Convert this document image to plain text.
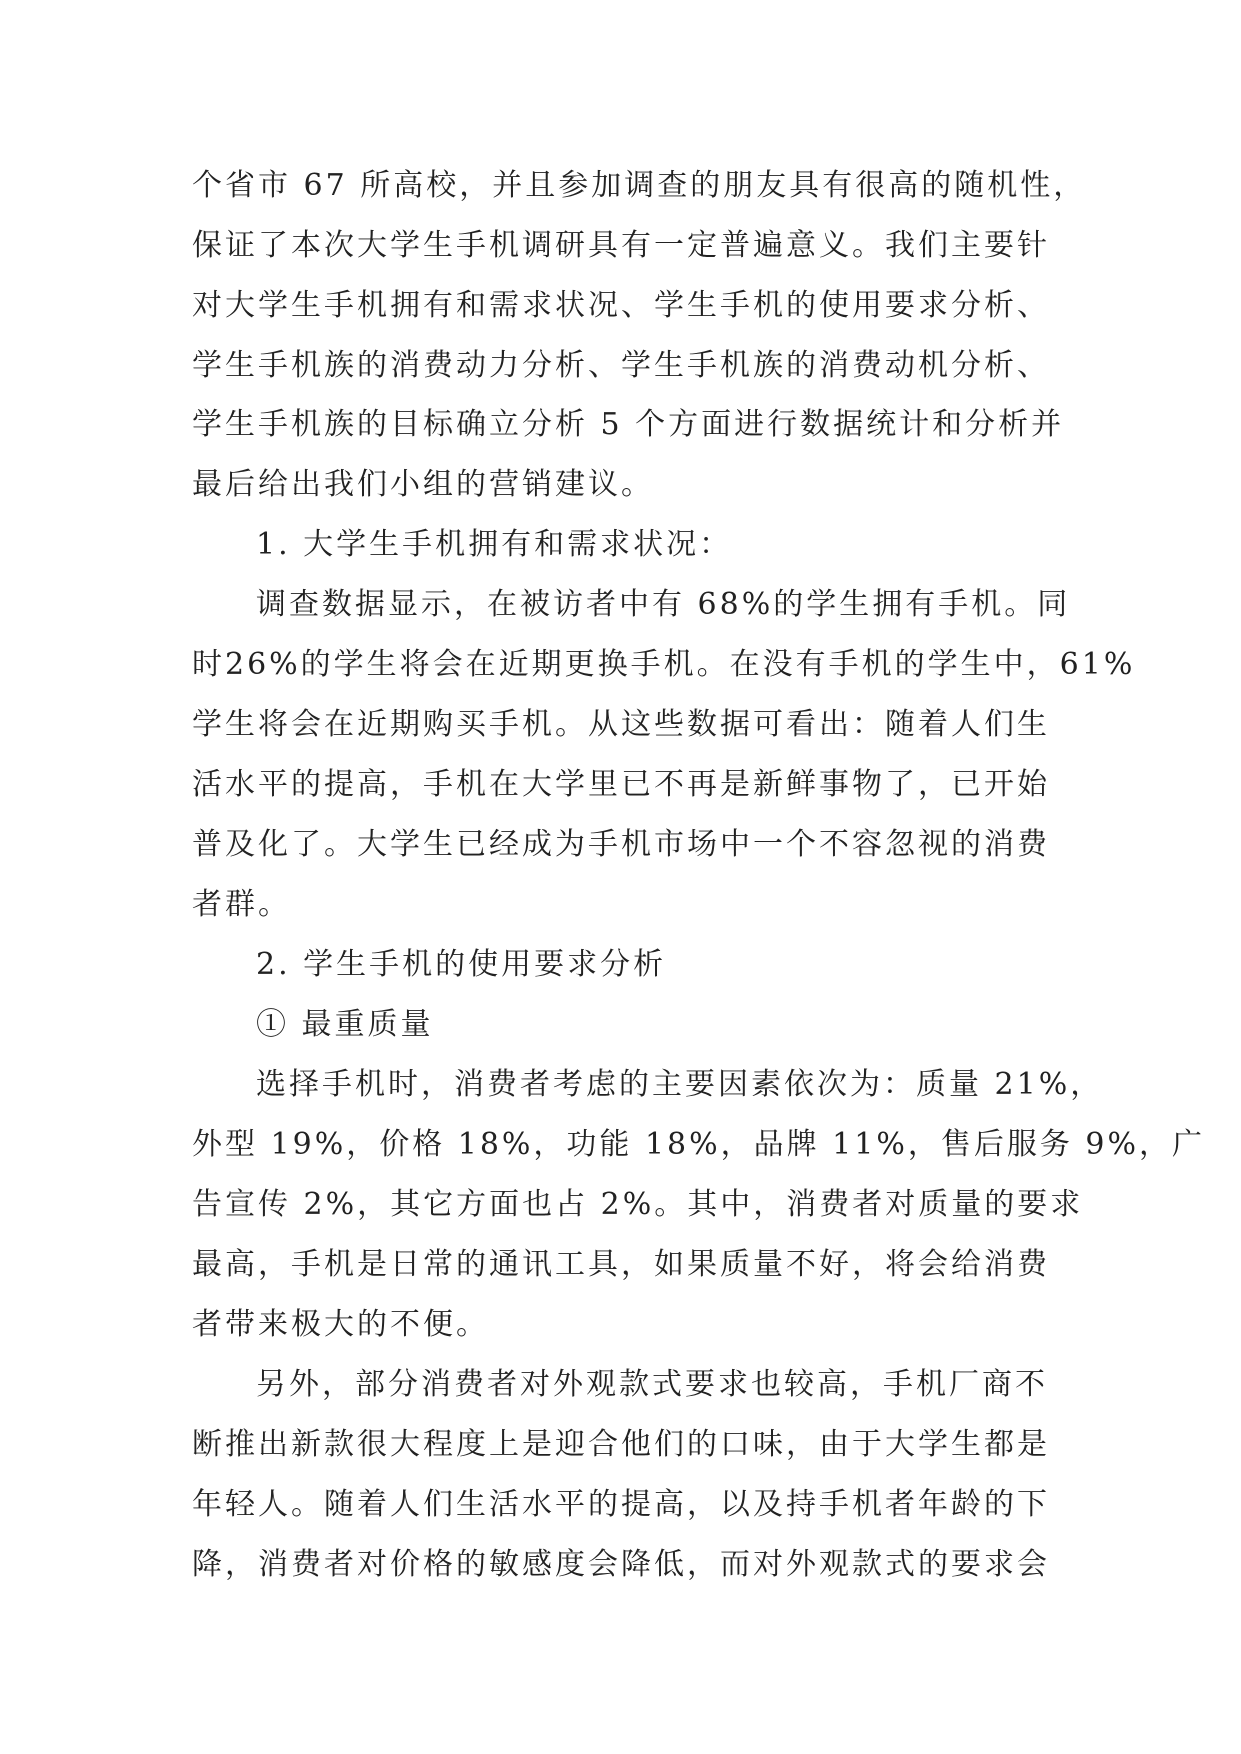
个省市 67 所高校，并且参加调查的朋友具有很高的随机性，
保证了本次大学生手机调研具有一定普遍意义。我们主要针
对大学生手机拥有和需求状况、学生手机的使用要求分析、
学生手机族的消费动力分析、学生手机族的消费动机分析、
学生手机族的目标确立分析 5 个方面进行数据统计和分析并
最后给出我们小组的营销建议。
1. 大学生手机拥有和需求状况：
调查数据显示，在被访者中有 68%的学生拥有手机。同
时26%的学生将会在近期更换手机。在没有手机的学生中，61%
学生将会在近期购买手机。从这些数据可看出：随着人们生
活水平的提高，手机在大学里已不再是新鲜事物了，已开始
普及化了。大学生已经成为手机市场中一个不容忽视的消费
者群。
2. 学生手机的使用要求分析
① 最重质量
选择手机时，消费者考虑的主要因素依次为：质量 21%，
外型 19%，价格 18%，功能 18%，品牌 11%，售后服务 9%，广
告宣传 2%，其它方面也占 2%。其中，消费者对质量的要求
最高，手机是日常的通讯工具，如果质量不好，将会给消费
者带来极大的不便。
另外，部分消费者对外观款式要求也较高，手机厂商不
断推出新款很大程度上是迎合他们的口味，由于大学生都是
年轻人。随着人们生活水平的提高，以及持手机者年龄的下
降，消费者对价格的敏感度会降低，而对外观款式的要求会
